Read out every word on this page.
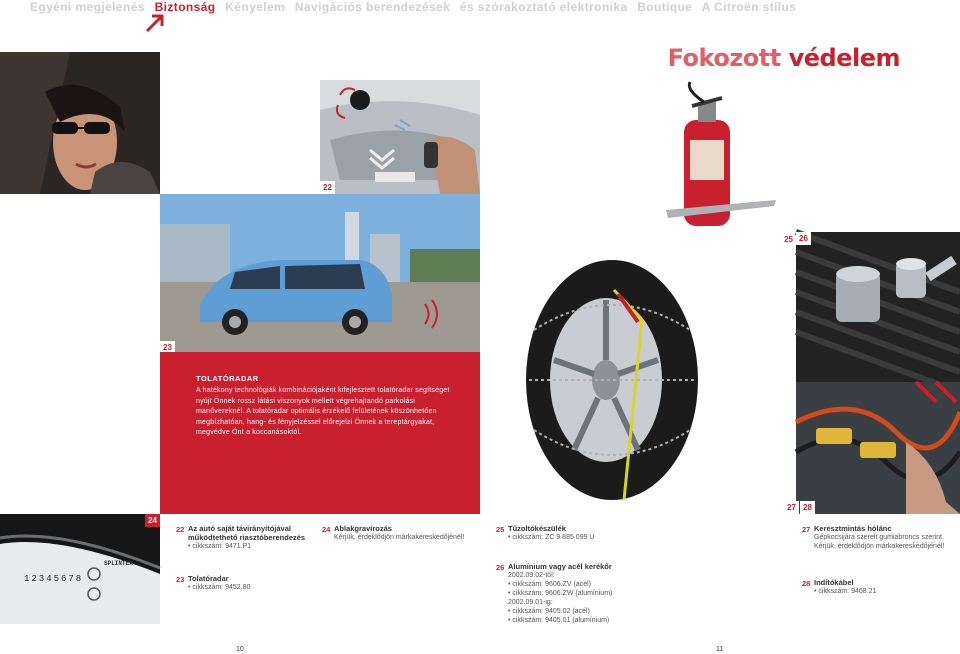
Egyéni megjelenés Biztonság Kényelem Navigációs berendezések és szórakoztató elektronika Boutique A Citroën stílus
Fokozott védelem
22
25
23
26
27 28
SPLINTEX
12345678
24
TOLATÓRADAR
A hatékony technológiák kombinációjaként kifejlesztett tolatóradar segítséget nyújt Önnek rossz látási viszonyok mellett végrehajtandó parkolási manővereknél. A tolatóradar optimális érzékelő felületének köszönhetően megbízhatóan, hang- és fényjelzéssel előrejelzi Önnek a tereptárgyakat, megvédve Önt a koccanásoktól.
22 Az autó saját távirányítójával működtethető riasztóberendezés
• cikkszám: 9471.P1
23 Tolatóradar
• cikkszám: 9452.80
24 Ablakgravírozás
Kérjük, érdeklődjön márkakereskedőjénél!
25 Tűzoltókészülék
• cikkszám: ZC 9 885 099 U
26 Alumínium vagy acél kerékőr
2002.09.02-től:
• cikkszám: 9606.ZV (acél)
• cikkszám: 9606.ZW (alumínium)
2002.09.01-ig:
• cikkszám: 9405.02 (acél)
• cikkszám: 9405.01 (alumínium)
27 Keresztmintás hólánc
Gépkocsijára szerelt gumiabroncs szerint.
Kérjük, érdeklődjön márkakereskedőjénél!
28 Indítókábel
• cikkszám: 9468.21
10	11
